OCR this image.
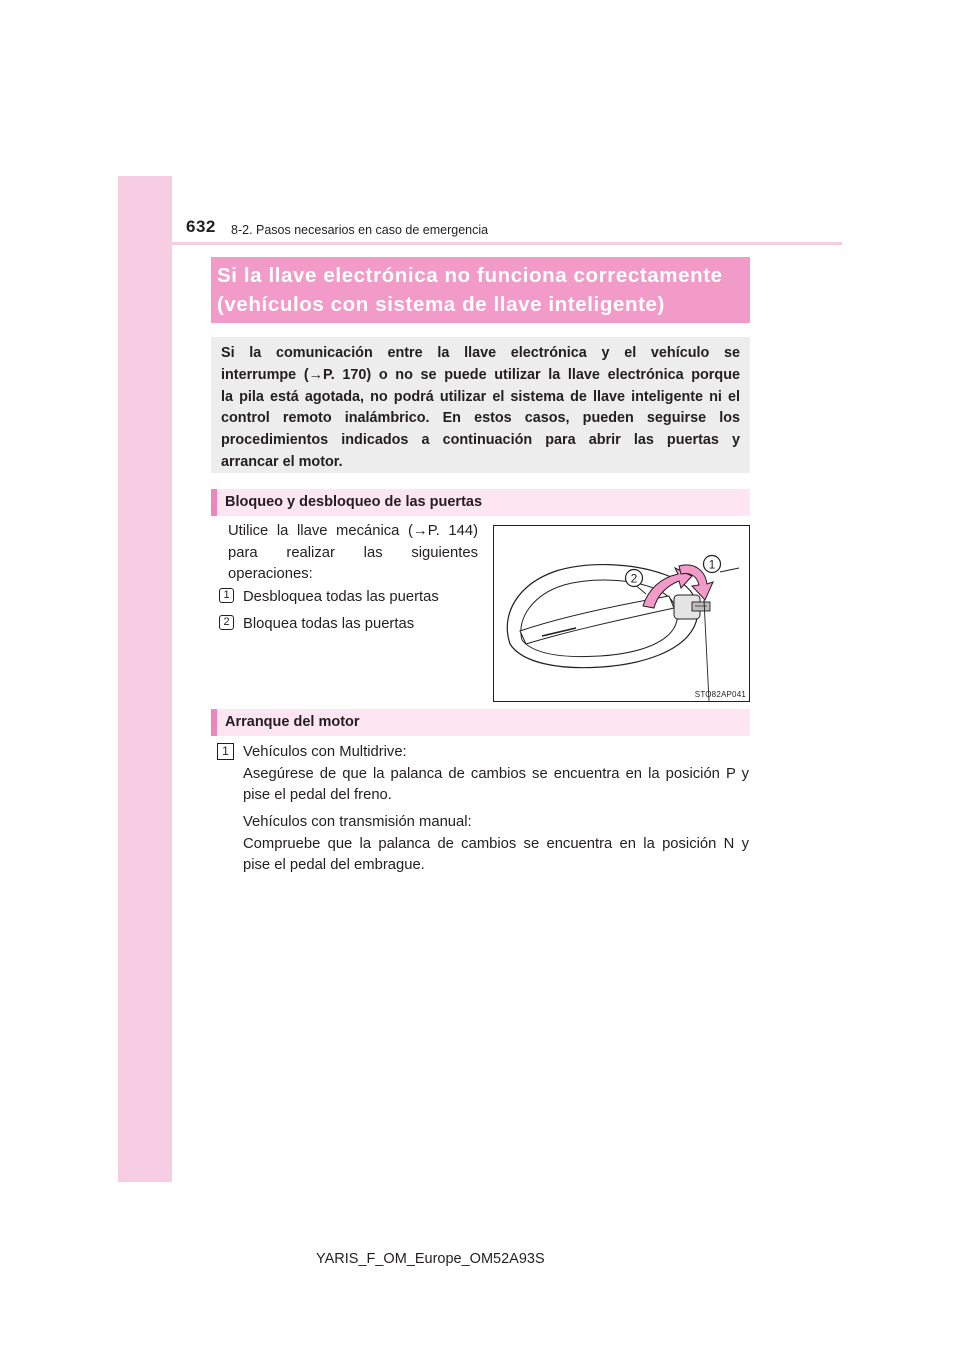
632 8-2. Pasos necesarios en caso de emergencia
Si la llave electrónica no funciona correctamente
(vehículos con sistema de llave inteligente)
Si la comunicación entre la llave electrónica y el vehículo se
interrumpe (→P. 170) o no se puede utilizar la llave electrónica porque
la pila está agotada, no podrá utilizar el sistema de llave inteligente ni el
control remoto inalámbrico. En estos casos, pueden seguirse los
procedimientos indicados a continuación para abrir las puertas y
arrancar el motor.
Bloqueo y desbloqueo de las puertas
Utilice la llave mecánica (→P. 144)
para realizar las siguientes
operaciones:
1 Desbloquea todas las puertas
2 Bloquea todas las puertas
2
1
STO82AP041
Arranque del motor
1 Vehículos con Multidrive:
Asegúrese de que la palanca de cambios se encuentra en la posición P y
pise el pedal del freno.
Vehículos con transmisión manual:
Compruebe que la palanca de cambios se encuentra en la posición N y
pise el pedal del embrague.
YARIS_F_OM_Europe_OM52A93S
